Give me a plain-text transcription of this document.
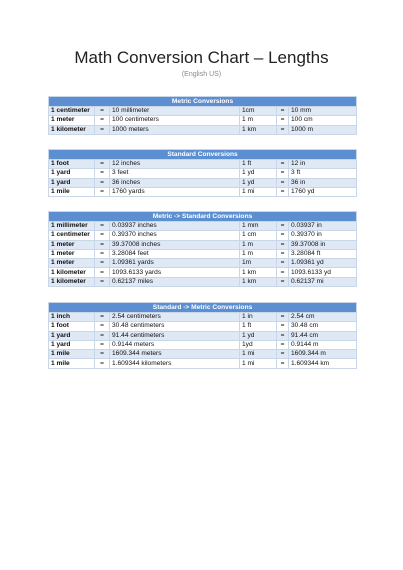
Math Conversion Chart – Lengths
(English US)
Metric Conversions					
1 centimeter	=	10 millimeter	1cm	=	10 mm
1 meter	=	100 centimeters	1 m	=	100 cm
1 kilometer	=	1000 meters	1 km	=	1000 m
Standard Conversions					
1 foot	=	12 inches	1 ft	=	12 in
1 yard	=	3 feet	1 yd	=	3 ft
1 yard	=	36 inches	1 yd	=	36 in
1 mile	=	1760 yards	1 mi	=	1760 yd
Metric -> Standard Conversions					
1 millimeter	=	0.03937 inches	1 mm	=	0.03937 in
1 centimeter	=	0.39370 inches	1 cm	=	0.39370 in
1 meter	=	39.37008 inches	1 m	=	39.37008 in
1 meter	=	3.28084 feet	1 m	=	3.28084 ft
1 meter	=	1.09361 yards	1m	=	1.09361 yd
1 kilometer	=	1093.6133 yards	1 km	=	1093.6133 yd
1 kilometer	=	0.62137 miles	1 km	=	0.62137 mi
Standard -> Metric Conversions					
1 inch	=	2.54 centimeters	1 in	=	2.54 cm
1 foot	=	30.48 centimeters	1 ft	=	30.48 cm
1 yard	=	91.44 centimeters	1 yd	=	91.44 cm
1 yard	=	0.9144 meters	1yd	=	0.9144 m
1 mile	=	1609.344 meters	1 mi	=	1609.344 m
1 mile	=	1.609344 kilometers	1 mi	=	1.609344 km
